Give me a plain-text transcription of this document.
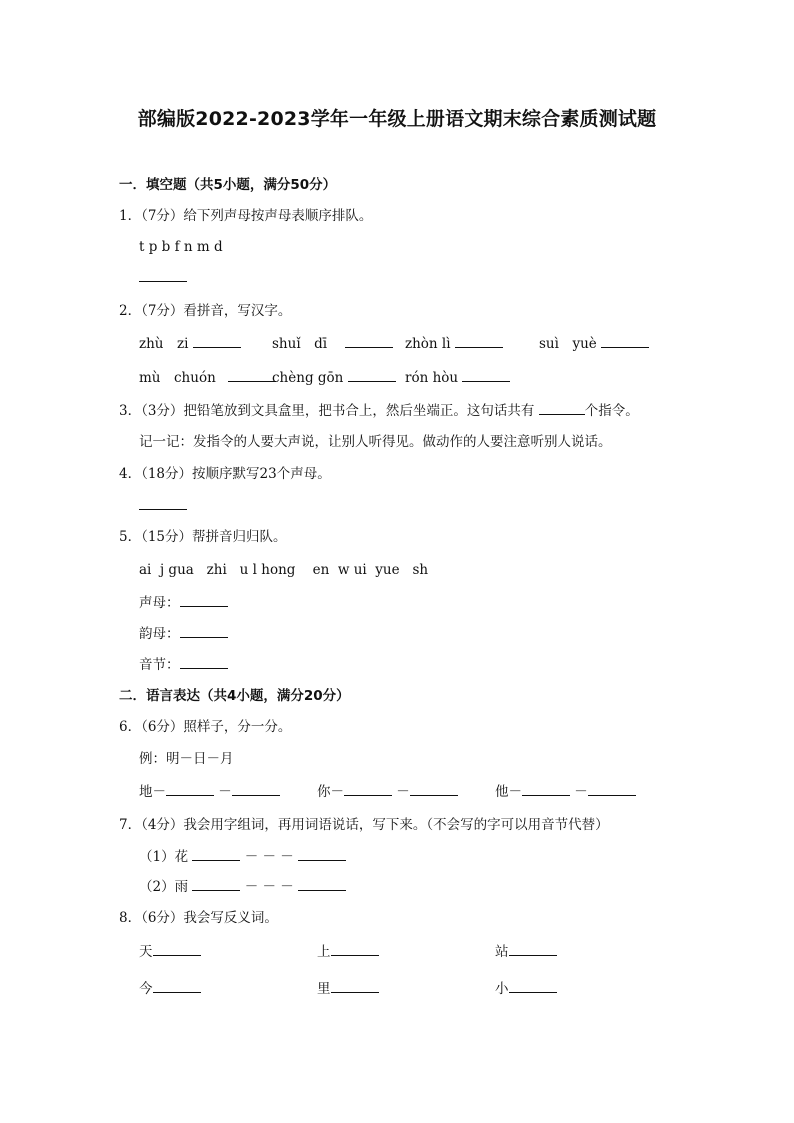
部编版2022-2023学年一年级上册语文期末综合素质测试题
一．填空题（共5小题，满分50分）
1．（7分）给下列声母按声母表顺序排队。
t p b f n m d
2．（7分）看拼音，写汉字。
zhù　zi	shuǐ　dī	zhòn lì	suì　yuè
mù　chuón	chèng gōn	rón hòu
3．（3分）把铅笔放到文具盒里，把书合上，然后坐端正。这句话共有	个指令。
记一记：发指令的人要大声说，让别人听得见。做动作的人要注意听别人说话。
4．（18分）按顺序默写23个声母。
5．（15分）帮拼音归归队。
ai  j gua   zhi   u l hong    en  w ui  yue   sh
声母：
韵母：
音节：
二．语言表达（共4小题，满分20分）
6．（6分）照样子，分一分。
例：明－日－月
地－	－	你－	－	他－	－
7．（4分）我会用字组词，再用词语说话，写下来。（不会写的字可以用音节代替）
（1）花	－ － －
（2）雨	－ － －
8．（6分）我会写反义词。
天	上	站
今	里	小
